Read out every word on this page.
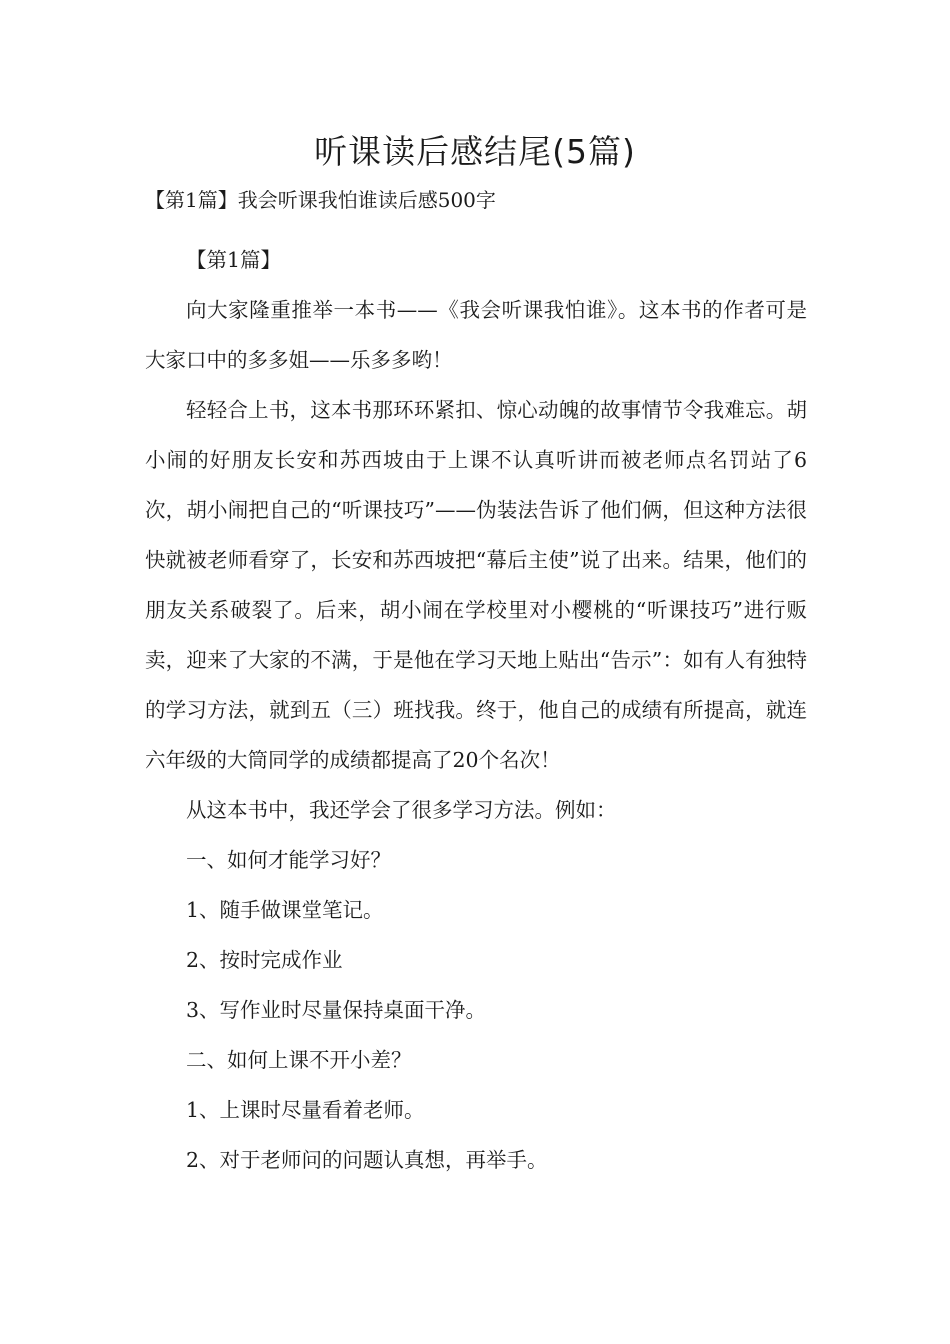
听课读后感结尾(5篇)
【第1篇】我会听课我怕谁读后感500字

【第1篇】

向大家隆重推举一本书——《我会听课我怕谁》。这本书的作者可是大家口中的多多姐——乐多多哟！

轻轻合上书，这本书那环环紧扣、惊心动魄的故事情节令我难忘。胡小闹的好朋友长安和苏西坡由于上课不认真听讲而被老师点名罚站了6次，胡小闹把自己的“听课技巧”——伪装法告诉了他们俩，但这种方法很快就被老师看穿了，长安和苏西坡把“幕后主使”说了出来。结果，他们的朋友关系破裂了。后来，胡小闹在学校里对小樱桃的“听课技巧”进行贩卖，迎来了大家的不满，于是他在学习天地上贴出“告示”：如有人有独特的学习方法，就到五（三）班找我。终于，他自己的成绩有所提高，就连六年级的大筒同学的成绩都提高了20个名次！

从这本书中，我还学会了很多学习方法。例如：

一、如何才能学习好？

1、随手做课堂笔记。

2、按时完成作业

3、写作业时尽量保持桌面干净。

二、如何上课不开小差？

1、上课时尽量看着老师。

2、对于老师问的问题认真想，再举手。
